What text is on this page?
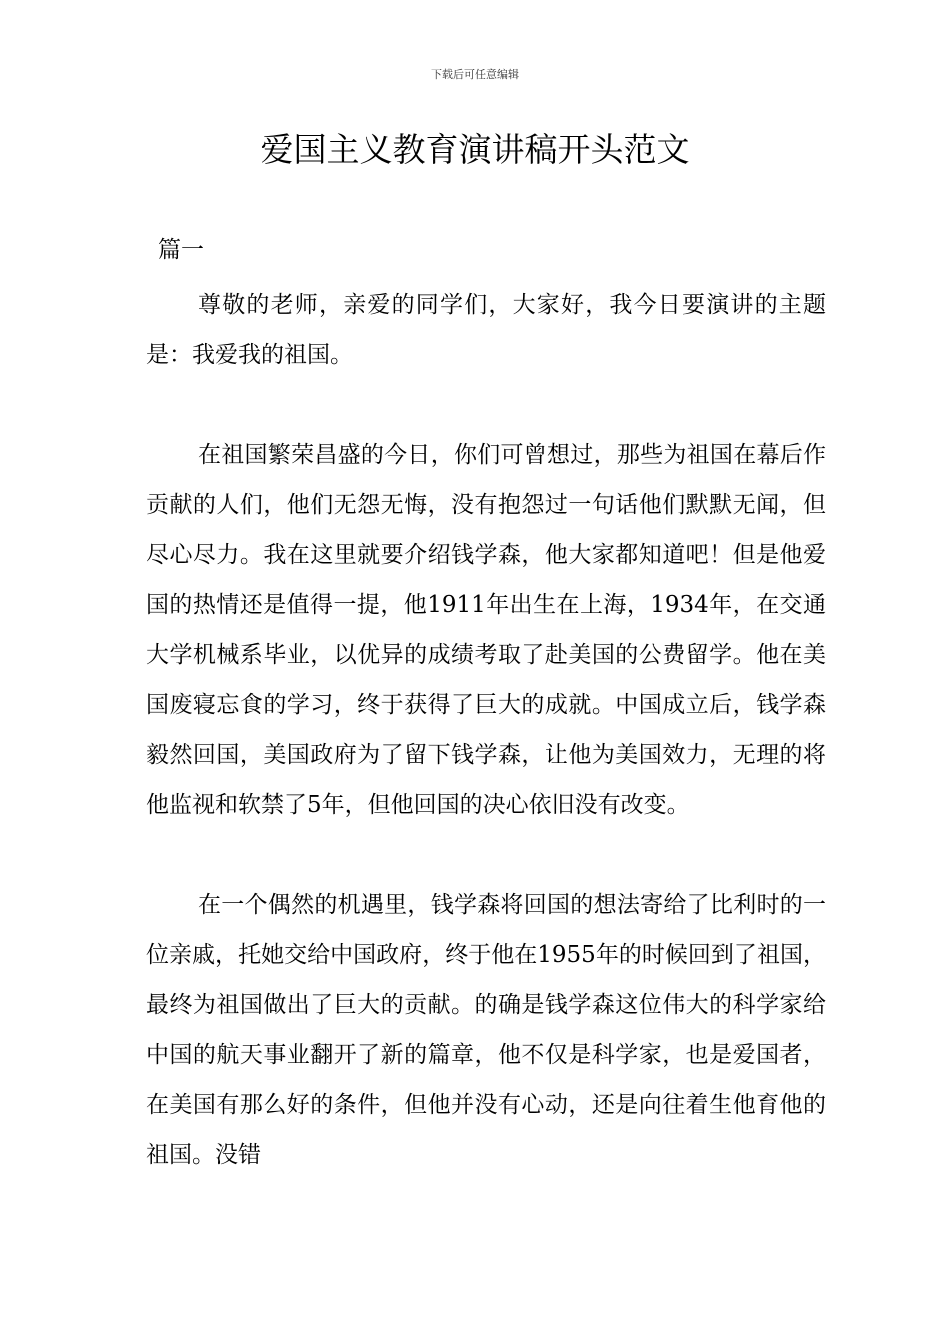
下载后可任意编辑
爱国主义教育演讲稿开头范文
篇一

尊敬的老师，亲爱的同学们，大家好，我今日要演讲的主题是：我爱我的祖国。

在祖国繁荣昌盛的今日，你们可曾想过，那些为祖国在幕后作贡献的人们，他们无怨无悔，没有抱怨过一句话他们默默无闻，但尽心尽力。我在这里就要介绍钱学森，他大家都知道吧！但是他爱国的热情还是值得一提，他1911年出生在上海，1934年，在交通大学机械系毕业，以优异的成绩考取了赴美国的公费留学。他在美国废寝忘食的学习，终于获得了巨大的成就。中国成立后，钱学森毅然回国，美国政府为了留下钱学森，让他为美国效力，无理的将他监视和软禁了5年，但他回国的决心依旧没有改变。

在一个偶然的机遇里，钱学森将回国的想法寄给了比利时的一位亲戚，托她交给中国政府，终于他在1955年的时候回到了祖国，最终为祖国做出了巨大的贡献。的确是钱学森这位伟大的科学家给中国的航天事业翻开了新的篇章，他不仅是科学家，也是爱国者，在美国有那么好的条件，但他并没有心动，还是向往着生他育他的祖国。没错
